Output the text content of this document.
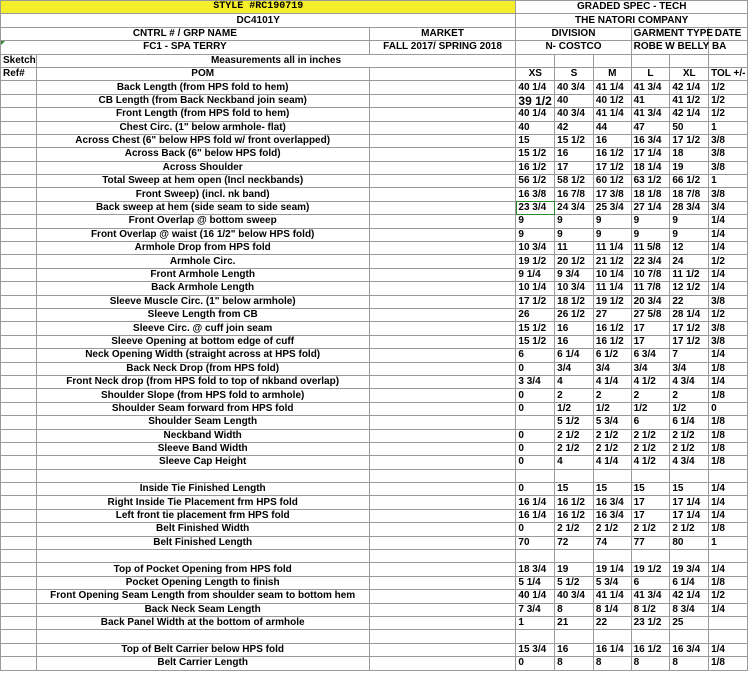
STYLE #RC190719			GRADED SPEC - TECH					
DC4101Y			THE NATORI COMPANY					
CNTRL # / GRP NAME		MARKET	DIVISION			GARMENT TYPE		DATE
FC1 - SPA TERRY		FALL 2017/ SPRING 2018	N- COSTCO			ROBE W BELLY BA		
Sketch	Measurements all in inches							
Ref#	POM		XS	S	M	L	XL	TOL +/-
	Back Length (from HPS fold to hem)		40 1/4	40 3/4	41 1/4	41 3/4	42 1/4	1/2
	CB Length (from Back Neckband join seam)		39 1/2	40	40 1/2	41	41 1/2	1/2
	Front Length (from HPS fold to hem)		40 1/4	40 3/4	41 1/4	41 3/4	42 1/4	1/2
	Chest Circ. (1" below armhole- flat)		40	42	44	47	50	1
	Across Chest (6" below HPS fold w/ front overlapped)		15	15 1/2	16	16 3/4	17 1/2	3/8
	Across Back (6" below HPS fold)		15 1/2	16	16 1/2	17 1/4	18	3/8
	Across Shoulder		16 1/2	17	17 1/2	18 1/4	19	3/8
	Total Sweep at hem open (Incl neckbands)		56 1/2	58 1/2	60 1/2	63 1/2	66 1/2	1
	Front Sweep) (incl. nk band)		16 3/8	16 7/8	17 3/8	18 1/8	18 7/8	3/8
	Back sweep at hem (side seam to side seam)		23 3/4	24 3/4	25 3/4	27 1/4	28 3/4	3/4
	Front Overlap @ bottom sweep		9	9	9	9	9	1/4
	Front Overlap @ waist (16 1/2" below HPS fold)		9	9	9	9	9	1/4
	Armhole Drop from HPS fold		10 3/4	11	11 1/4	11 5/8	12	1/4
	Armhole Circ.		19 1/2	20 1/2	21 1/2	22 3/4	24	1/2
	Front Armhole Length		9 1/4	9 3/4	10 1/4	10 7/8	11 1/2	1/4
	Back Armhole Length		10 1/4	10 3/4	11 1/4	11 7/8	12 1/2	1/4
	Sleeve Muscle Circ. (1" below armhole)		17 1/2	18 1/2	19 1/2	20 3/4	22	3/8
	Sleeve Length from CB		26	26 1/2	27	27 5/8	28 1/4	1/2
	Sleeve Circ. @ cuff join seam		15 1/2	16	16 1/2	17	17 1/2	3/8
	Sleeve Opening at bottom edge of cuff		15 1/2	16	16 1/2	17	17 1/2	3/8
	Neck Opening Width (straight across at HPS fold)		6	6 1/4	6 1/2	6 3/4	7	1/4
	Back Neck Drop (from HPS fold)		0	3/4	3/4	3/4	3/4	1/8
	Front Neck drop (from HPS fold to top of nkband overlap)		3 3/4	4	4 1/4	4 1/2	4 3/4	1/4
	Shoulder Slope (from HPS fold to armhole)		0	2	2	2	2	1/8
	Shoulder Seam forward from HPS fold		0	1/2	1/2	1/2	1/2	0
	Shoulder Seam Length			5 1/2	5 3/4	6	6 1/4	1/8
	Neckband Width		0	2 1/2	2 1/2	2 1/2	2 1/2	1/8
	Sleeve Band Width		0	2 1/2	2 1/2	2 1/2	2 1/2	1/8
	Sleeve Cap Height		0	4	4 1/4	4 1/2	4 3/4	1/8

	Inside Tie Finished Length		0	15	15	15	15	1/4
	Right Inside Tie Placement frm HPS fold		16 1/4	16 1/2	16 3/4	17	17 1/4	1/4
	Left front tie placement frm HPS fold		16 1/4	16 1/2	16 3/4	17	17 1/4	1/4
	Belt Finished Width		0	2 1/2	2 1/2	2 1/2	2 1/2	1/8
	Belt Finished Length		70	72	74	77	80	1

	Top of Pocket Opening from HPS fold		18 3/4	19	19 1/4	19 1/2	19 3/4	1/4
	Pocket Opening Length to finish		5 1/4	5 1/2	5 3/4	6	6 1/4	1/8
	Front Opening Seam Length from shoulder seam to bottom hem		40 1/4	40 3/4	41 1/4	41 3/4	42 1/4	1/2
	Back Neck Seam Length		7 3/4	8	8 1/4	8 1/2	8 3/4	1/4
	Back Panel Width at the bottom of armhole		1	21	22	23 1/2	25	

	Top of Belt Carrier below HPS fold		15 3/4	16	16 1/4	16 1/2	16 3/4	1/4
	Belt Carrier Length		0	8	8	8	8	1/8
